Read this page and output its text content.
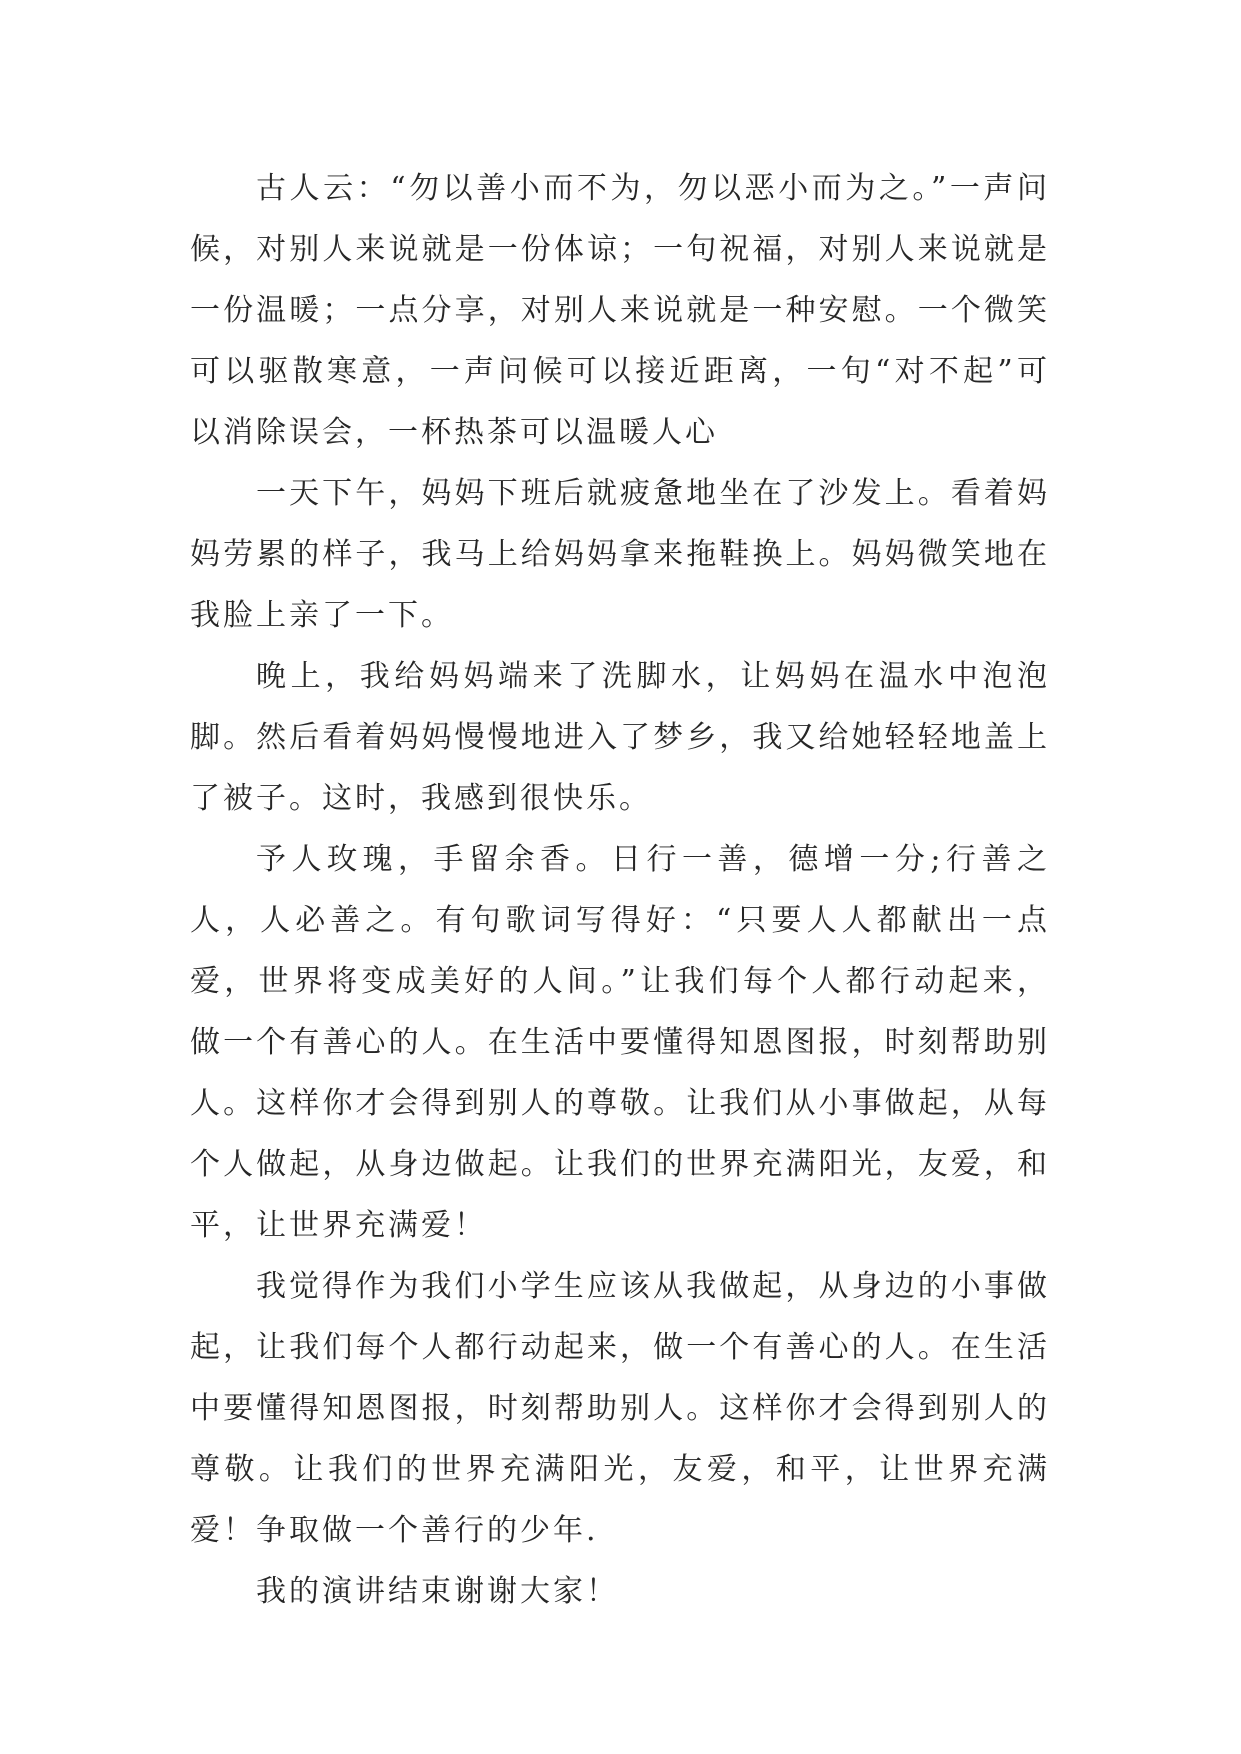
古人云：“勿以善小而不为，勿以恶小而为之。”一声问候，对别人来说就是一份体谅；一句祝福，对别人来说就是一份温暖；一点分享，对别人来说就是一种安慰。一个微笑可以驱散寒意，一声问候可以接近距离，一句“对不起”可以消除误会，一杯热茶可以温暖人心

一天下午，妈妈下班后就疲惫地坐在了沙发上。看着妈妈劳累的样子，我马上给妈妈拿来拖鞋换上。妈妈微笑地在我脸上亲了一下。

晚上，我给妈妈端来了洗脚水，让妈妈在温水中泡泡脚。然后看着妈妈慢慢地进入了梦乡，我又给她轻轻地盖上了被子。这时，我感到很快乐。

予人玫瑰，手留余香。日行一善，德增一分;行善之人，人必善之。有句歌词写得好：“只要人人都献出一点爱，世界将变成美好的人间。”让我们每个人都行动起来，做一个有善心的人。在生活中要懂得知恩图报，时刻帮助别人。这样你才会得到别人的尊敬。让我们从小事做起，从每个人做起，从身边做起。让我们的世界充满阳光，友爱，和平，让世界充满爱！

我觉得作为我们小学生应该从我做起，从身边的小事做起，让我们每个人都行动起来，做一个有善心的人。在生活中要懂得知恩图报，时刻帮助别人。这样你才会得到别人的尊敬。让我们的世界充满阳光，友爱，和平，让世界充满爱！争取做一个善行的少年.

我的演讲结束谢谢大家！
